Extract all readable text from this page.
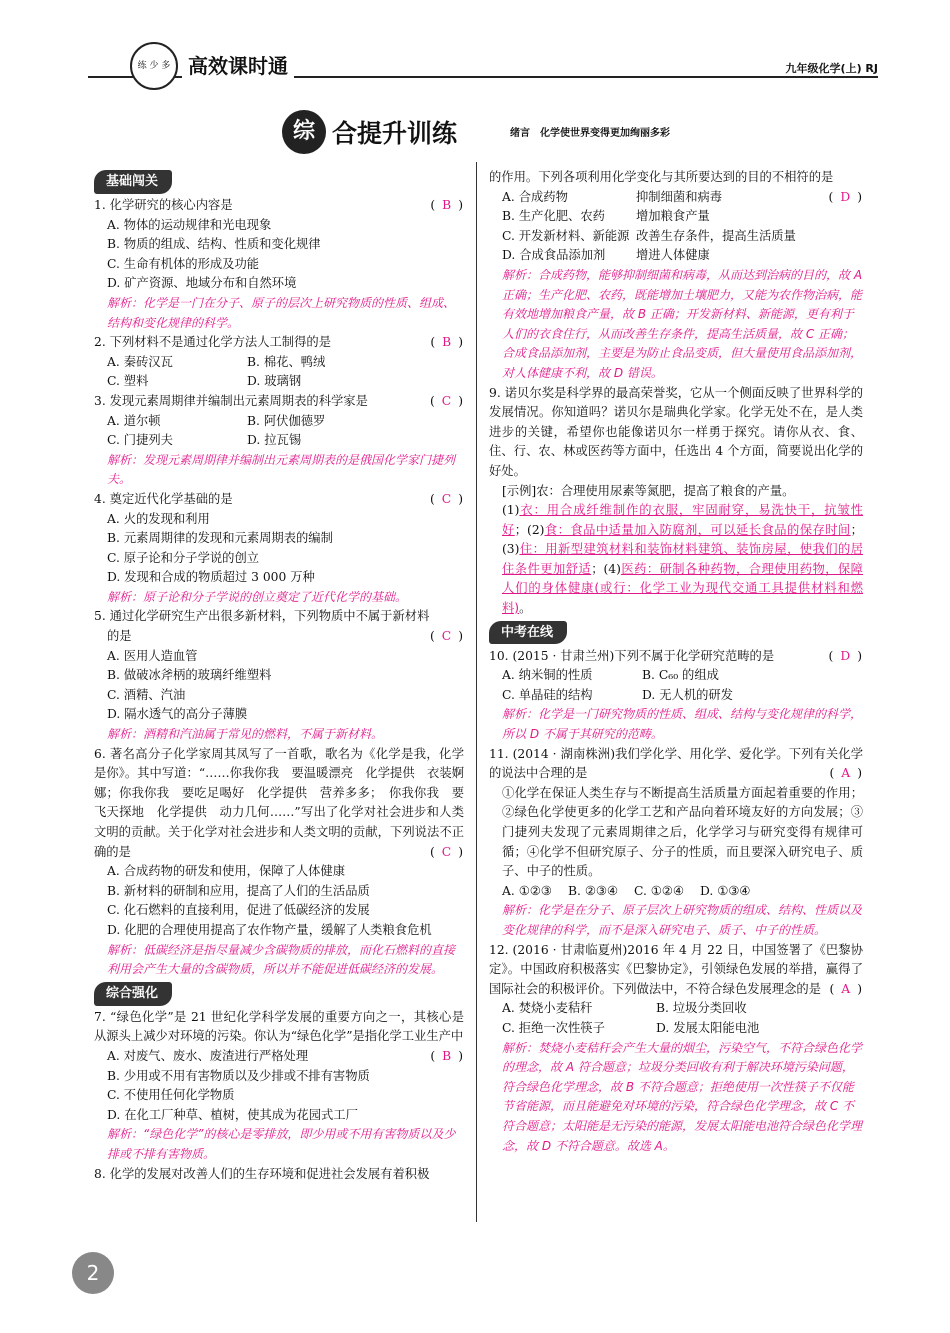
练 少 多 高效课时通	九年级化学(上) RJ
综 合提升训练	绪言　化学使世界变得更加绚丽多彩
基础闯关

( B )
1. 化学研究的核心内容是

A. 物体的运动规律和光电现象

B. 物质的组成、结构、性质和变化规律

C. 生命有机体的形成及功能

D. 矿产资源、地域分布和自然环境

解析：化学是一门在分子、原子的层次上研究物质的性质、组成、结构和变化规律的科学。

( B )
2. 下列材料不是通过化学方法人工制得的是

A. 秦砖汉瓦	B. 棉花、鸭绒
C. 塑料	D. 玻璃钢

( C )
3. 发现元素周期律并编制出元素周期表的科学家是

A. 道尔顿	B. 阿伏伽德罗
C. 门捷列夫	D. 拉瓦锡

解析：发现元素周期律并编制出元素周期表的是俄国化学家门捷列夫。

( C )
4. 奠定近代化学基础的是

A. 火的发现和利用

B. 元素周期律的发现和元素周期表的编制

C. 原子论和分子学说的创立

D. 发现和合成的物质超过 3 000 万种

解析：原子论和分子学说的创立奠定了近代化学的基础。

5. 通过化学研究生产出很多新材料，下列物质中不属于新材料

( C )
的是

A. 医用人造血管

B. 做破冰斧柄的玻璃纤维塑料

C. 酒精、汽油

D. 隔水透气的高分子薄膜

解析：酒精和汽油属于常见的燃料，不属于新材料。

6. 著名高分子化学家周其凤写了一首歌，歌名为《化学是我，化学是你》。其中写道：“……你我你我　要温暖漂亮　化学提供　衣装婀娜；你我你我　要吃足喝好　化学提供　营养多多；　你我你我　要飞天探地　化学提供　动力几何……”写出了化学对社会进步和人类文明的贡献。关于化学对社会进步和人类文明的贡献，下列说法不正确的是	( C )

A. 合成药物的研发和使用，保障了人体健康

B. 新材料的研制和应用，提高了人们的生活品质

C. 化石燃料的直接利用，促进了低碳经济的发展

D. 化肥的合理使用提高了农作物产量，缓解了人类粮食危机

解析：低碳经济是指尽量减少含碳物质的排放，而化石燃料的直接利用会产生大量的含碳物质，所以并不能促进低碳经济的发展。

综合强化

7. “绿色化学”是 21 世纪化学科学发展的重要方向之一，其核心是从源头上减少对环境的污染。你认为“绿色化学”是指化学工业生产中
( B )

A. 对废气、废水、废渣进行严格处理

B. 少用或不用有害物质以及少排或不排有害物质

C. 不使用任何化学物质

D. 在化工厂种草、植树，使其成为花园式工厂

解析：“绿色化学”的核心是零排放，即少用或不用有害物质以及少排或不排有害物质。

8. 化学的发展对改善人们的生存环境和促进社会发展有着积极

的作用。下列各项利用化学变化与其所要达到的目的不相符的是
( D )

A. 合成药物	抑制细菌和病毒
B. 生产化肥、农药	增加粮食产量
C. 开发新材料、新能源 改善生存条件，提高生活质量
D. 合成食品添加剂	增进人体健康

解析：合成药物，能够抑制细菌和病毒，从而达到治病的目的，故 A 正确；生产化肥、农药，既能增加土壤肥力，又能为农作物治病，能有效地增加粮食产量，故 B 正确；开发新材料、新能源，更有利于人们的衣食住行，从而改善生存条件，提高生活质量，故 C 正确；合成食品添加剂，主要是为防止食品变质，但大量使用食品添加剂，对人体健康不利，故 D 错误。

9. 诺贝尔奖是科学界的最高荣誉奖，它从一个侧面反映了世界科学的发展情况。你知道吗？诺贝尔是瑞典化学家。化学无处不在，是人类进步的关键，希望你也能像诺贝尔一样勇于探究。请你从衣、食、住、行、农、林或医药等方面中，任选出 4 个方面，简要说出化学的好处。

[示例]农：合理使用尿素等氮肥，提高了粮食的产量。

(1)衣：用合成纤维制作的衣服，牢固耐穿，易洗快干，抗皱性好；(2)食：食品中适量加入防腐剂，可以延长食品的保存时间；(3)住：用新型建筑材料和装饰材料建筑、装饰房屋，使我们的居住条件更加舒适；(4)医药：研制各种药物，合理使用药物，保障人们的身体健康(或行：化学工业为现代交通工具提供材料和燃料)。

中考在线

( D )
10. (2015 · 甘肃兰州)下列不属于化学研究范畴的是

A. 纳米铜的性质	B. C₆₀ 的组成
C. 单晶硅的结构	D. 无人机的研发

解析：化学是一门研究物质的性质、组成、结构与变化规律的科学，所以 D 不属于其研究的范畴。

11. (2014 · 湖南株洲)我们学化学、用化学、爱化学。下列有关化学的说法中合理的是	( A )

①化学在保证人类生存与不断提高生活质量方面起着重要的作用；②绿色化学使更多的化学工艺和产品向着环境友好的方向发展；③门捷列夫发现了元素周期律之后，化学学习与研究变得有规律可循；④化学不但研究原子、分子的性质，而且要深入研究电子、质子、中子的性质。

A. ①②③	B. ②③④	C. ①②④	D. ①③④

解析：化学是在分子、原子层次上研究物质的组成、结构、性质以及变化规律的科学，而不是深入研究电子、质子、中子的性质。

12. (2016 · 甘肃临夏州)2016 年 4 月 22 日，中国签署了《巴黎协定》。中国政府积极落实《巴黎协定》，引领绿色发展的举措，赢得了国际社会的积极评价。下列做法中，不符合绿色发展理念的是 ( A )

A. 焚烧小麦秸秆	B. 垃圾分类回收
C. 拒绝一次性筷子	D. 发展太阳能电池

解析：焚烧小麦秸秆会产生大量的烟尘，污染空气，不符合绿色化学的理念，故 A 符合题意；垃圾分类回收有利于解决环境污染问题，符合绿色化学理念，故 B 不符合题意；拒绝使用一次性筷子不仅能节省能源，而且能避免对环境的污染，符合绿色化学理念，故 C 不符合题意；太阳能是无污染的能源，发展太阳能电池符合绿色化学理念，故 D 不符合题意。故选 A。

2
